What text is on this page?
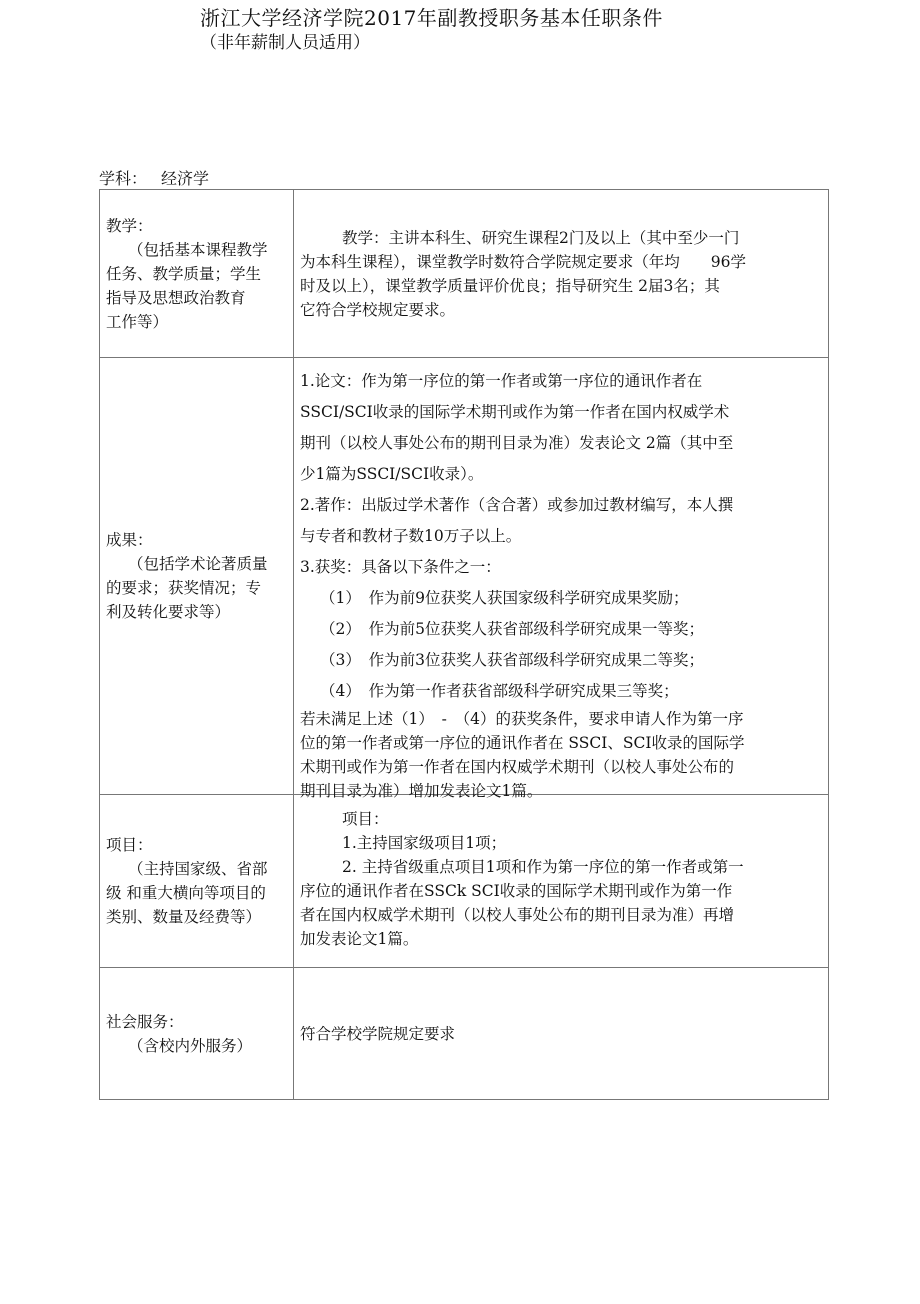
浙江大学经济学院2017年副教授职务基本任职条件
（非年薪制人员适用）
学科： 经济学
教学：
（包括基本课程教学
任务、教学质量；学生
指导及思想政治教育
工作等）
教学：主讲本科生、研究生课程2门及以上（其中至少一门
为本科生课程），课堂教学时数符合学院规定要求（年均　　96学
时及以上），课堂教学质量评价优良；指导研究生 2届3名；其
它符合学校规定要求。
成果：
（包括学术论著质量
的要求；获奖情况；专
利及转化要求等）
1.论文：作为第一序位的第一作者或第一序位的通讯作者在
SSCI/SCI收录的国际学术期刊或作为第一作者在国内权威学术
期刊（以校人事处公布的期刊目录为准）发表论文 2篇（其中至
少1篇为SSCI/SCI收录）。
2.著作：出版过学术著作（含合著）或参加过教材编写，本人撰
与专者和教材子数10万子以上。
3.获奖：具备以下条件之一：
（1）　作为前9位获奖人获国家级科学研究成果奖励；
（2）　作为前5位获奖人获省部级科学研究成果一等奖；
（3）　作为前3位获奖人获省部级科学研究成果二等奖；
（4）　作为第一作者获省部级科学研究成果三等奖；
若未满足上述（1）　-　（4）的获奖条件，要求申请人作为第一序
位的第一作者或第一序位的通讯作者在 SSCI、SCI收录的国际学
术期刊或作为第一作者在国内权威学术期刊（以校人事处公布的
期刊目录为准）增加发表论文1篇。
项目：
（主持国家级、省部
级 和重大横向等项目的
类别、数量及经费等）
项目：
1.主持国家级项目1项；
2. 主持省级重点项目1项和作为第一序位的第一作者或第一
序位的通讯作者在SSCk SCI收录的国际学术期刊或作为第一作
者在国内权威学术期刊（以校人事处公布的期刊目录为准）再增
加发表论文1篇。
社会服务：
（含校内外服务）
符合学校学院规定要求
